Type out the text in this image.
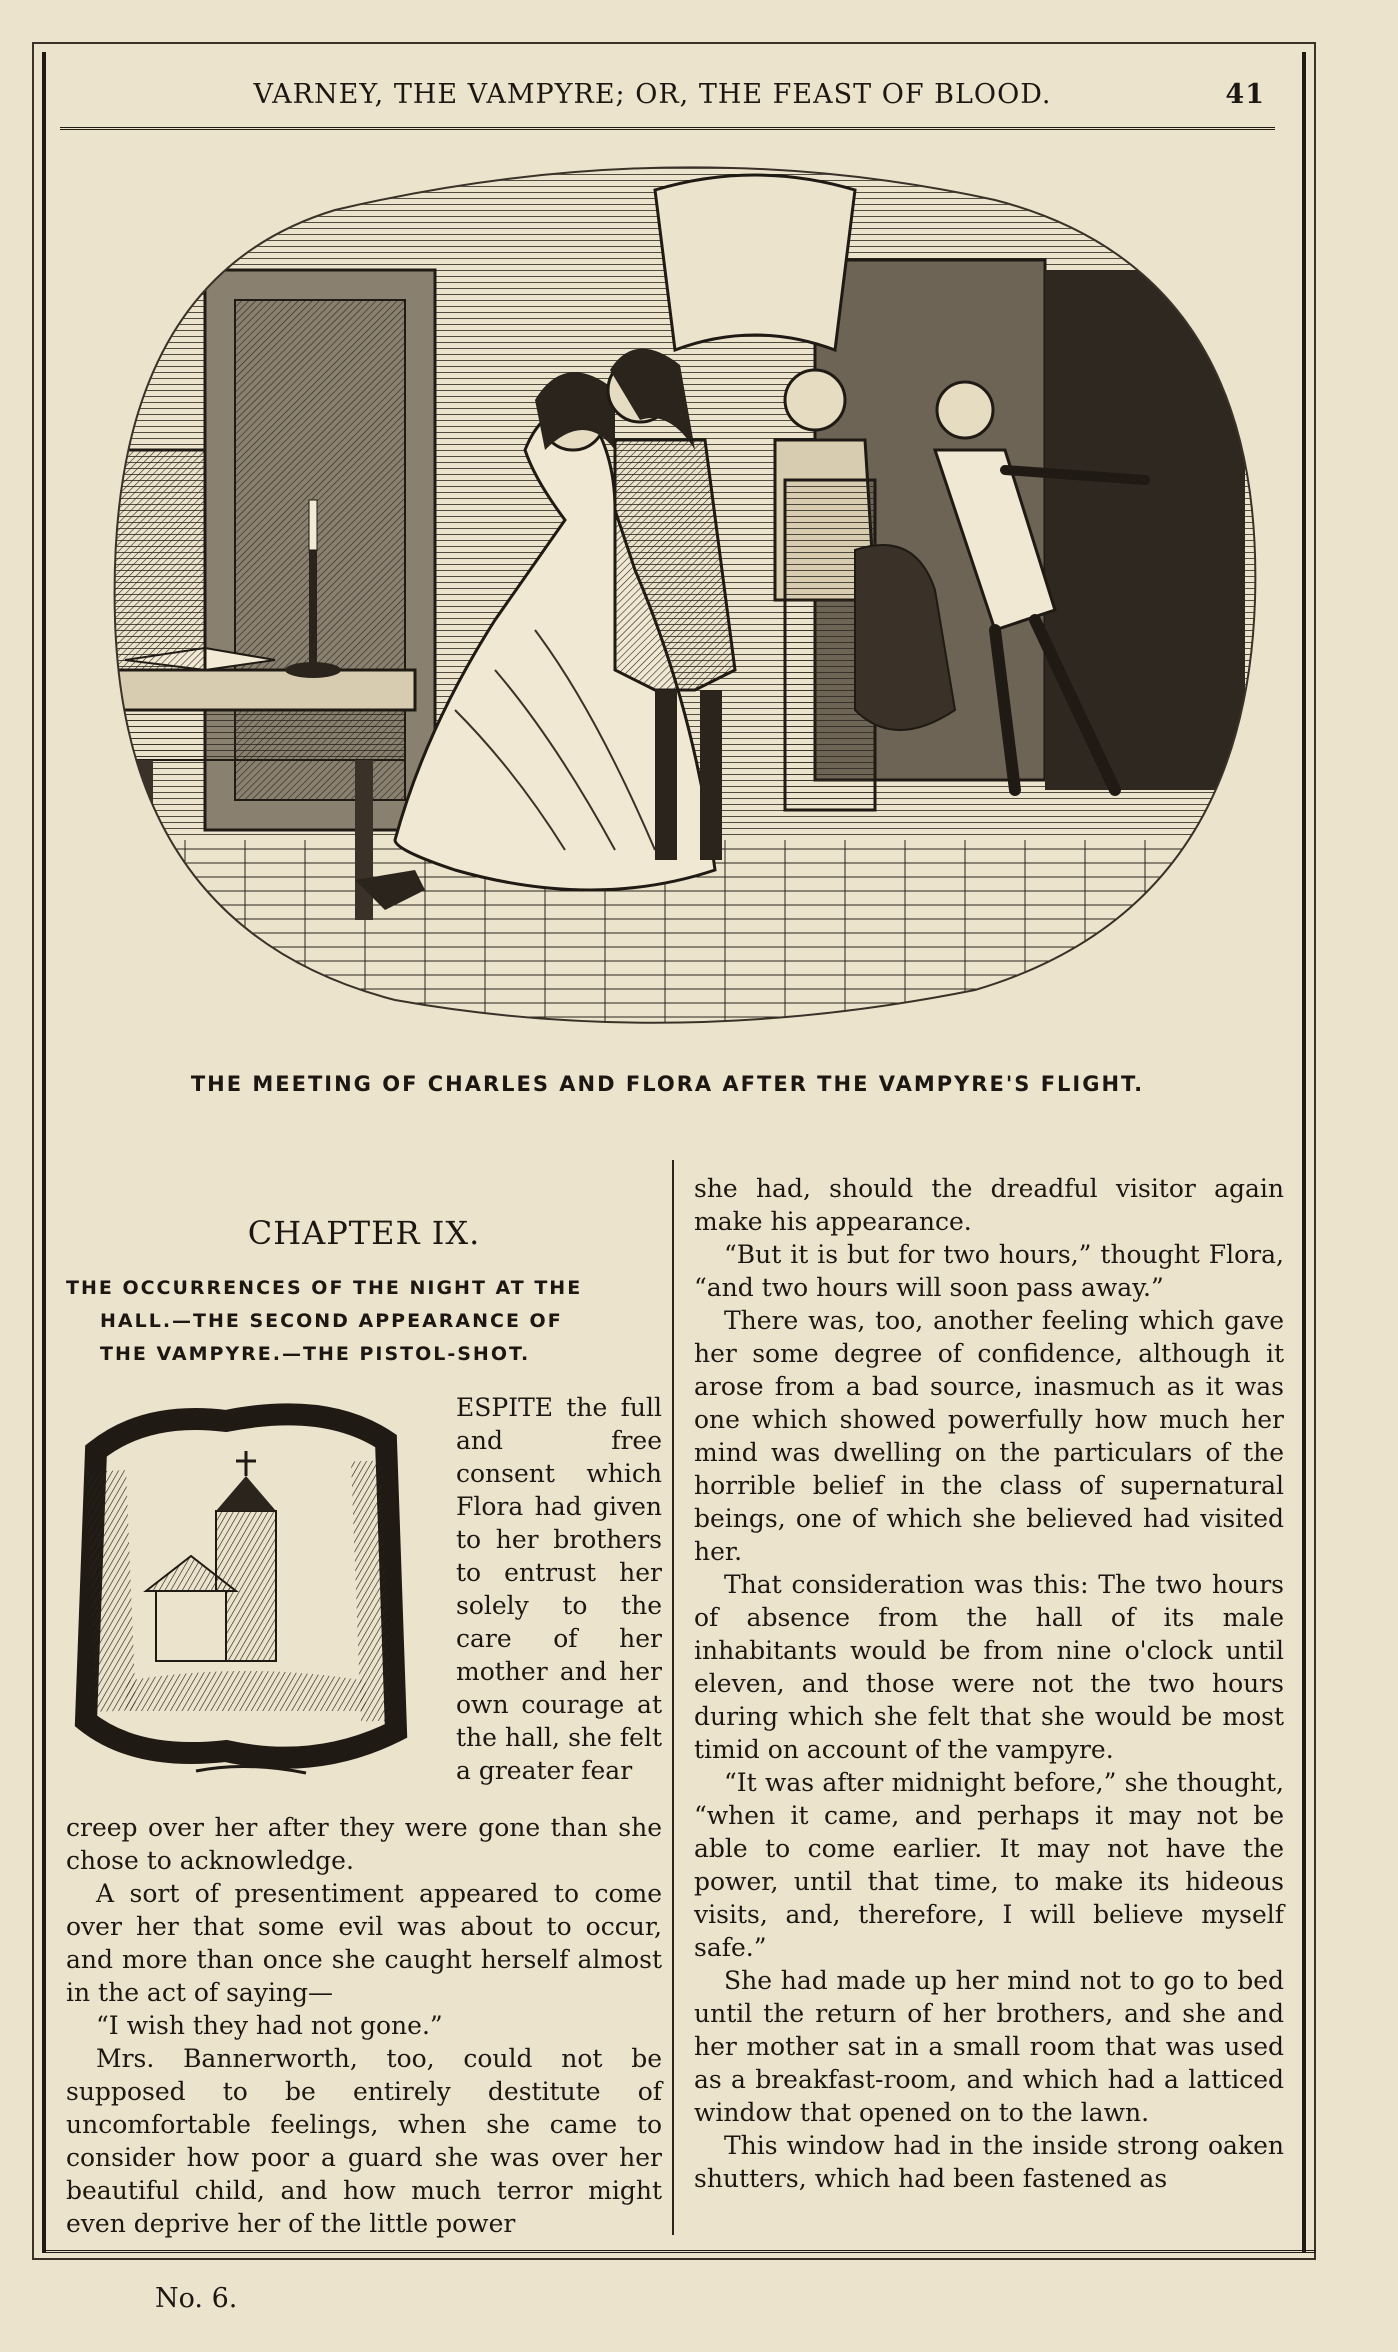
VARNEY, THE VAMPYRE; OR, THE FEAST OF BLOOD.	41
THE MEETING OF CHARLES AND FLORA AFTER THE VAMPYRE'S FLIGHT.
CHAPTER IX.
THE OCCURRENCES OF THE NIGHT AT THE
HALL.—THE SECOND APPEARANCE OF
THE VAMPYRE.—THE PISTOL-SHOT.
ESPITE the full and free consent which Flora had given to her brothers to entrust her solely to the care of her mother and her own courage at the hall, she felt a greater fear

creep over her after they were gone than she chose to acknowledge.

A sort of presentiment appeared to come over her that some evil was about to occur, and more than once she caught herself almost in the act of saying—

“I wish they had not gone.”

Mrs. Bannerworth, too, could not be supposed to be entirely destitute of uncomfortable feelings, when she came to consider how poor a guard she was over her beautiful child, and how much terror might even deprive her of the little power

she had, should the dreadful visitor again make his appearance.

“But it is but for two hours,” thought Flora, “and two hours will soon pass away.”

There was, too, another feeling which gave her some degree of confidence, although it arose from a bad source, inasmuch as it was one which showed powerfully how much her mind was dwelling on the particulars of the horrible belief in the class of supernatural beings, one of which she believed had visited her.

That consideration was this: The two hours of absence from the hall of its male inhabitants would be from nine o'clock until eleven, and those were not the two hours during which she felt that she would be most timid on account of the vampyre.

“It was after midnight before,” she thought, “when it came, and perhaps it may not be able to come earlier. It may not have the power, until that time, to make its hideous visits, and, therefore, I will believe myself safe.”

She had made up her mind not to go to bed until the return of her brothers, and she and her mother sat in a small room that was used as a breakfast-room, and which had a latticed window that opened on to the lawn.

This window had in the inside strong oaken shutters, which had been fastened as

No. 6.
